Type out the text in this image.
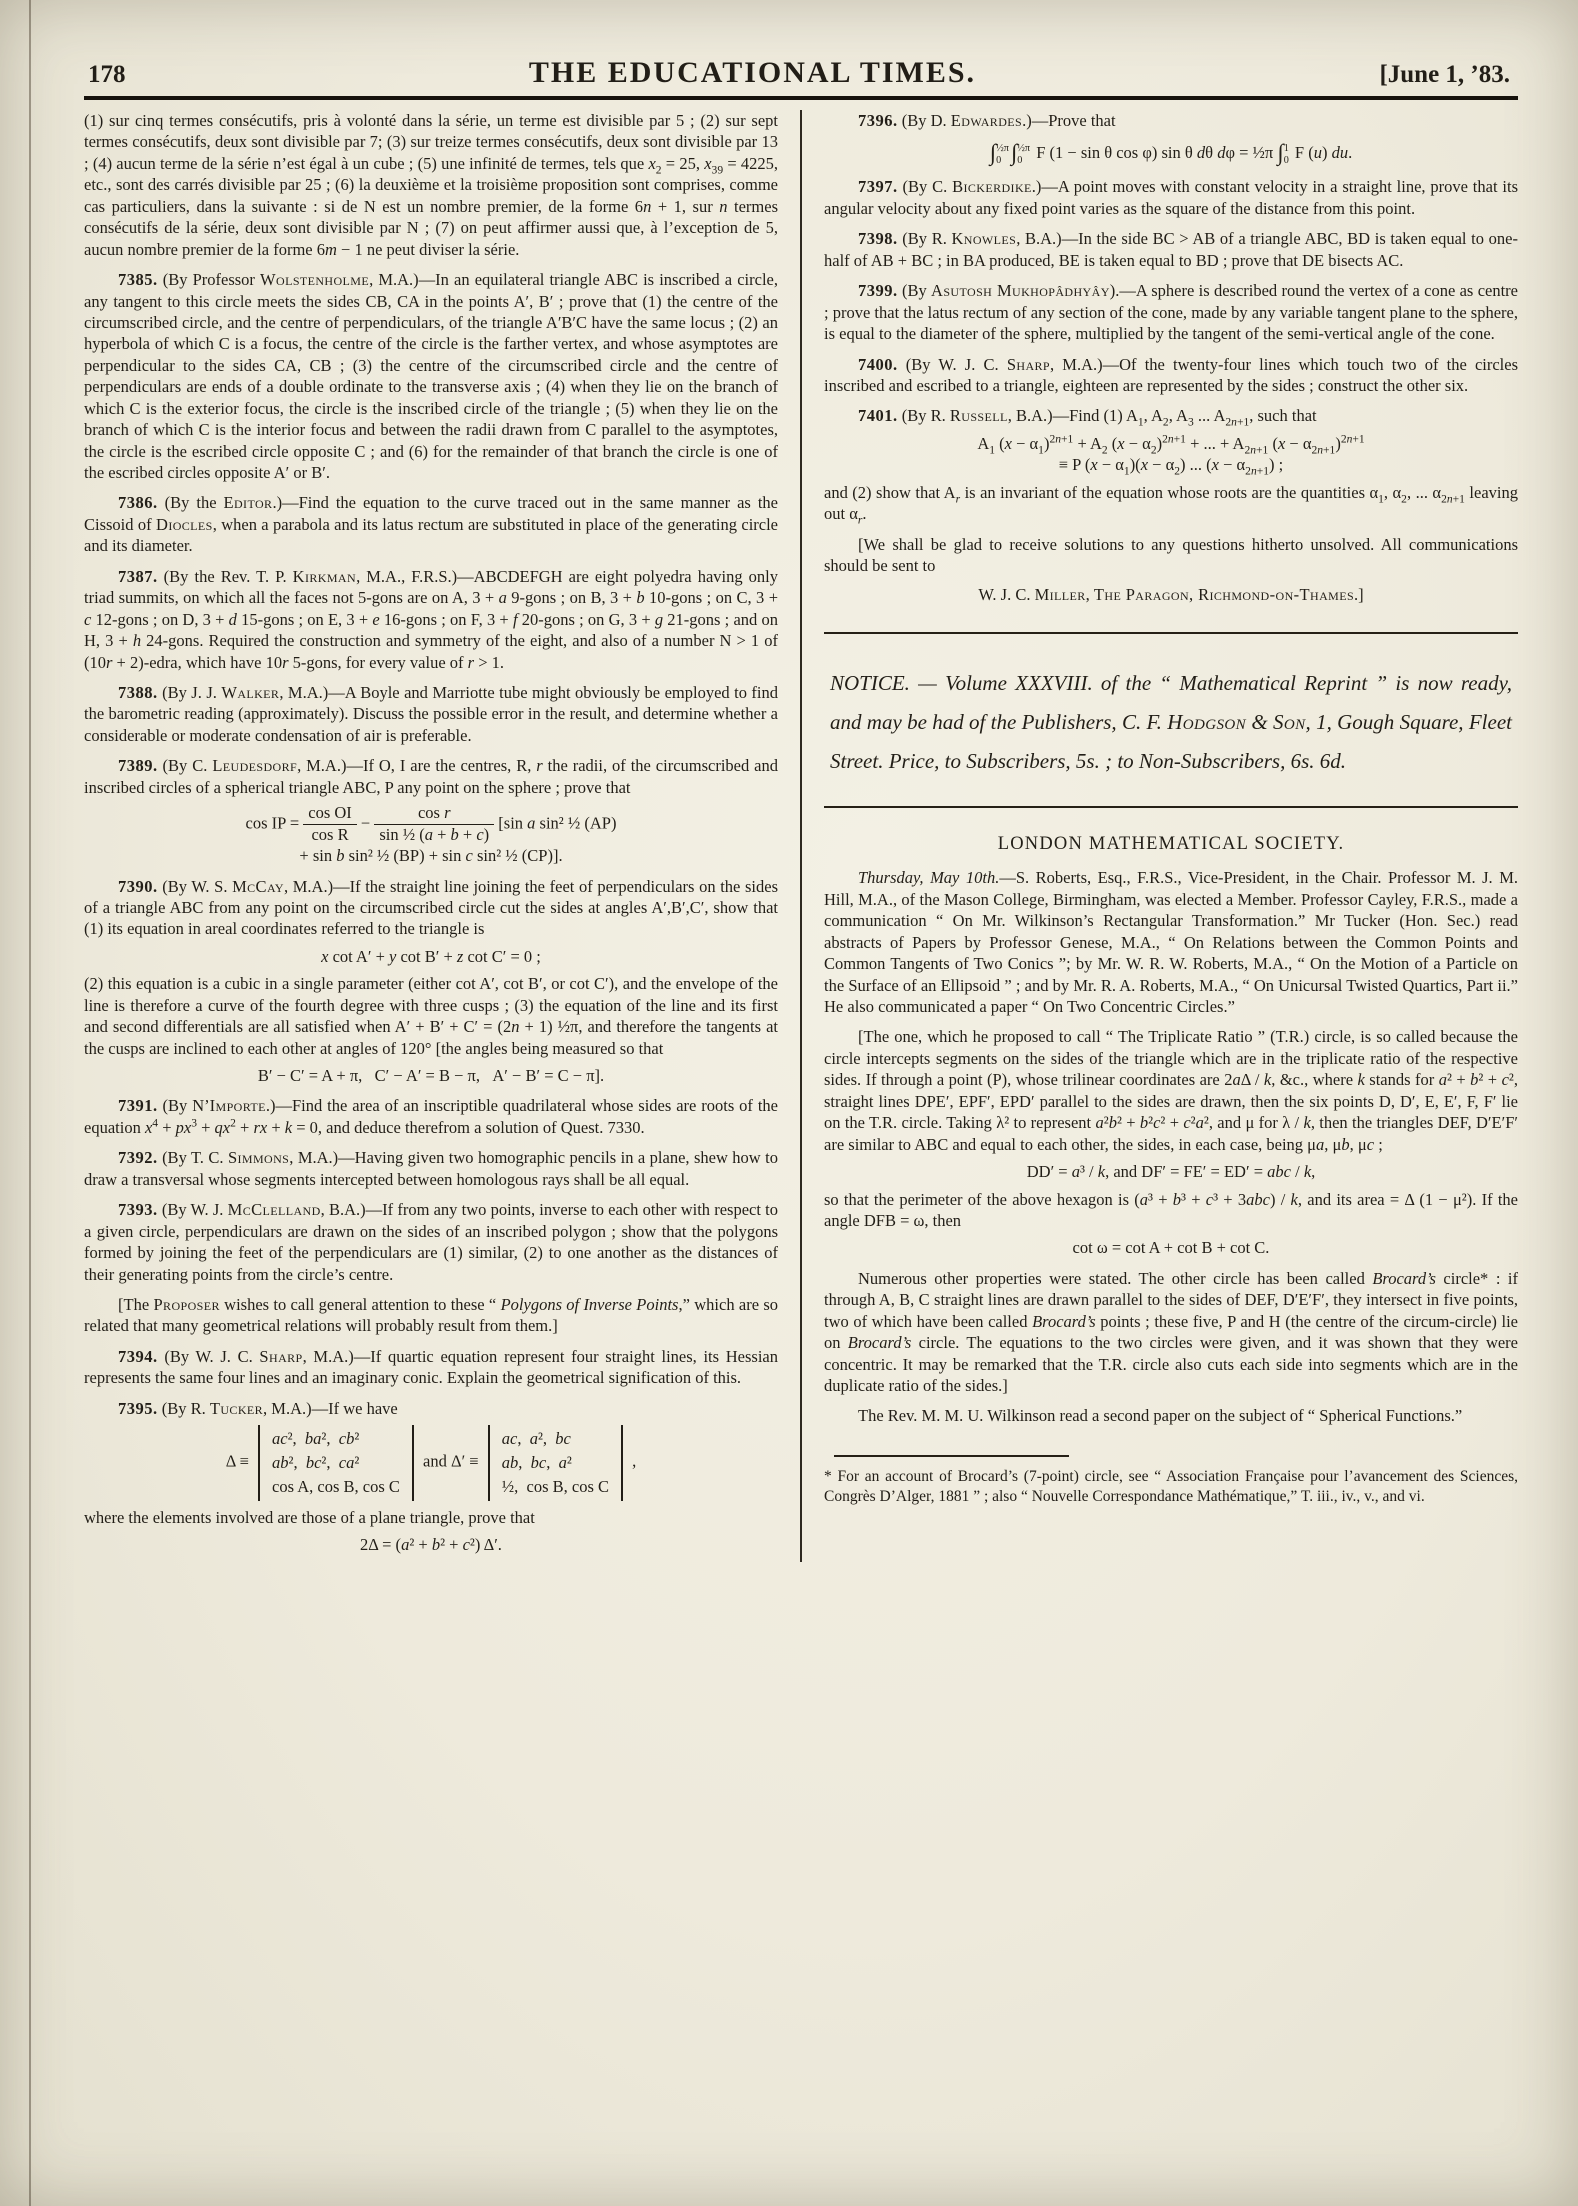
178	THE EDUCATIONAL TIMES.	[June 1, ’83.

(1) sur cinq termes consécutifs, pris à volonté dans la série, un terme est divisible par 5 ; (2) sur sept termes consécutifs, deux sont divisible par 7; (3) sur treize termes consécutifs, deux sont divisible par 13 ; (4) aucun terme de la série n’est égal à un cube ; (5) une infinité de termes, tels que $x_2 = 25$, $x_{39} = 4225$, etc., sont des carrés divisible par 25 ; (6) la deuxième et la troisième proposition sont comprises, comme cas particuliers, dans la suivante : si de N est un nombre premier, de la forme 6n + 1, sur n termes consécutifs de la série, deux sont divisible par N ; (7) on peut affirmer aussi que, à l’exception de 5, aucun nombre premier de la forme 6m − 1 ne peut diviser la série.

7385. (By Professor Wolstenholme, M.A.)—In an equilateral triangle ABC is inscribed a circle, any tangent to this circle meets the sides CB, CA in the points A′, B′ ; prove that (1) the centre of the circumscribed circle, and the centre of perpendiculars, of the triangle A′B′C have the same locus ; (2) an hyperbola of which C is a focus, the centre of the circle is the farther vertex, and whose asymptotes are perpendicular to the sides CA, CB ; (3) the centre of the circumscribed circle and the centre of perpendiculars are ends of a double ordinate to the transverse axis ; (4) when they lie on the branch of which C is the exterior focus, the circle is the inscribed circle of the triangle ; (5) when they lie on the branch of which C is the interior focus and between the radii drawn from C parallel to the asymptotes, the circle is the escribed circle opposite C ; and (6) for the remainder of that branch the circle is one of the escribed circles opposite A′ or B′.

7386. (By the Editor.)—Find the equation to the curve traced out in the same manner as the Cissoid of Diocles, when a parabola and its latus rectum are substituted in place of the generating circle and its diameter.

7387. (By the Rev. T. P. Kirkman, M.A., F.R.S.)—ABCDEFGH are eight polyedra having only triad summits, on which all the faces not 5-gons are on A, 3 + a 9-gons ; on B, 3 + b 10-gons ; on C, 3 + c 12-gons ; on D, 3 + d 15-gons ; on E, 3 + e 16-gons ; on F, 3 + f 20-gons ; on G, 3 + g 21-gons ; and on H, 3 + h 24-gons. Required the construction and symmetry of the eight, and also of a number N > 1 of (10r + 2)-edra, which have 10r 5-gons, for every value of r > 1.

7388. (By J. J. Walker, M.A.)—A Boyle and Marriotte tube might obviously be employed to find the barometric reading (approximately). Discuss the possible error in the result, and determine whether a considerable or moderate condensation of air is preferable.

7389. (By C. Leudesdorf, M.A.)—If O, I are the centres, R, r the radii, of the circumscribed and inscribed circles of a spherical triangle ABC, P any point on the sphere ; prove that

cos IP = $\frac{\text{cos OI}}{\text{cos R}} - \frac{\text{cos r}}{\text{sin ½ (a + b + c)}} [\sin$ a sin² ½ (AP)
+ sin b sin² ½ (BP) + sin c sin² ½ (CP)].

7390. (By W. S. McCay, M.A.)—If the straight line joining the feet of perpendiculars on the sides of a triangle ABC from any point on the circumscribed circle cut the sides at angles A′,B′,C′, show that (1) its equation in areal coordinates referred to the triangle is

x cot A′ + y cot B′ + z cot C′ = 0 ;

(2) this equation is a cubic in a single parameter (either cot A′, cot B′, or cot C′), and the envelope of the line is therefore a curve of the fourth degree with three cusps ; (3) the equation of the line and its first and second differentials are all satisfied when A′ + B′ + C′ = (2n + 1) ½π, and therefore the tangents at the cusps are inclined to each other at angles of 120° [the angles being measured so that

B′ − C′ = A + π,   C′ − A′ = B − π,   A′ − B′ = C − π].

7391. (By N’Importe.)—Find the area of an inscriptible quadrilateral whose sides are roots of the equation $x^4 + px^3 + qx^2$ + rx + k = 0, and deduce therefrom a solution of Quest. 7330.

7392. (By T. C. Simmons, M.A.)—Having given two homographic pencils in a plane, shew how to draw a transversal whose segments intercepted between homologous rays shall be all equal.

7393. (By W. J. McClelland, B.A.)—If from any two points, inverse to each other with respect to a given circle, perpendiculars are drawn on the sides of an inscribed polygon ; show that the polygons formed by joining the feet of the perpendiculars are (1) similar, (2) to one another as the distances of their generating points from the circle’s centre.

[The Proposer wishes to call general attention to these “ Polygons of Inverse Points,” which are so related that many geometrical relations will probably result from them.]

7394. (By W. J. C. Sharp, M.A.)—If quartic equation represent four straight lines, its Hessian represents the same four lines and an imaginary conic. Explain the geometrical signification of this.

7395. (By R. Tucker, M.A.)—If we have

Δ ≡
ac²,  ba²,  cb²
ab²,  bc²,  ca²
cos A, cos B, cos C
and Δ′ ≡
ac,  a²,  bc
ab,  bc,  a²
½,  cos B, cos C
,

where the elements involved are those of a plane triangle, prove that

2Δ = (a² + b² + c²) Δ′.

7396. (By D. Edwardes.)—Prove that

∫½π
0 ∫½π
0 F (1 − sin θ cos φ) sin θ dθ dφ = ½π ∫1
0 F (u) du.

7397. (By C. Bickerdike.)—A point moves with constant velocity in a straight line, prove that its angular velocity about any fixed point varies as the square of the distance from this point.

7398. (By R. Knowles, B.A.)—In the side BC > AB of a triangle ABC, BD is taken equal to one-half of AB + BC ; in BA produced, BE is taken equal to BD ; prove that DE bisects AC.

7399. (By Asutosh Mukhopâdhyây).—A sphere is described round the vertex of a cone as centre ; prove that the latus rectum of any section of the cone, made by any variable tangent plane to the sphere, is equal to the diameter of the sphere, multiplied by the tangent of the semi-vertical angle of the cone.

7400. (By W. J. C. Sharp, M.A.)—Of the twenty-four lines which touch two of the circles inscribed and escribed to a triangle, eighteen are represented by the sides ; construct the other six.

7401. (By R. Russell, B.A.)—Find (1) $A_1$, $A_2$, $A_3$ ... $A_{2n+1}$, such that

$A_1$ $(x - \alpha_1)^{2n+1} + A_2$ $(x - \alpha_2)^{2n+1}$ + ... + $A_{2n+1}$ $(x - \alpha_{2n+1})^{2n+1}$
≡ P $(x - \alpha_1)(x - \alpha_2)$ ... $(x - \alpha_{2n+1})$ ;

and (2) show that $A_r$ is an invariant of the equation whose roots are the quantities $\alpha_1$, $\alpha_2$, ... $\alpha_{2n+1}$ leaving out $\alpha_r$.

[We shall be glad to receive solutions to any questions hitherto unsolved. All communications should be sent to

W. J. C. Miller, The Paragon, Richmond-on-Thames.]

NOTICE. — Volume XXXVIII. of the “ Mathematical Reprint ” is now ready, and may be had of the Publishers, C. F. Hodgson & Son, 1, Gough Square, Fleet Street. Price, to Subscribers, 5s. ; to Non-Subscribers, 6s. 6d.
LONDON MATHEMATICAL SOCIETY.

Thursday, May 10th.—S. Roberts, Esq., F.R.S., Vice-President, in the Chair. Professor M. J. M. Hill, M.A., of the Mason College, Birmingham, was elected a Member. Professor Cayley, F.R.S., made a communication “ On Mr. Wilkinson’s Rectangular Transformation.” Mr Tucker (Hon. Sec.) read abstracts of Papers by Professor Genese, M.A., “ On Relations between the Common Points and Common Tangents of Two Conics ”; by Mr. W. R. W. Roberts, M.A., “ On the Motion of a Particle on the Surface of an Ellipsoid ” ; and by Mr. R. A. Roberts, M.A., “ On Unicursal Twisted Quartics, Part ii.” He also communicated a paper “ On Two Concentric Circles.”

[The one, which he proposed to call “ The Triplicate Ratio ” (T.R.) circle, is so called because the circle intercepts segments on the sides of the triangle which are in the triplicate ratio of the respective sides. If through a point (P), whose trilinear coordinates are 2aΔ / k, &c., where k stands for a² + b² + c², straight lines DPE′, EPF′, EPD′ parallel to the sides are drawn, then the six points D, D′, E, E′, F, F′ lie on the T.R. circle. Taking λ² to represent a²b² + b²c² + c²a², and μ for λ / k, then the triangles DEF, D′E′F′ are similar to ABC and equal to each other, the sides, in each case, being μa, μb, μc ;

DD′ = a³ / k, and DF′ = FE′ = ED′ = abc / k,

so that the perimeter of the above hexagon is (a³ + b³ + c³ + 3abc) / k, and its area = Δ (1 − μ²). If the angle DFB = ω, then

cot ω = cot A + cot B + cot C.

Numerous other properties were stated. The other circle has been called Brocard’s circle* : if through A, B, C straight lines are drawn parallel to the sides of DEF, D′E′F′, they intersect in five points, two of which have been called Brocard’s points ; these five, P and H (the centre of the circum-circle) lie on Brocard’s circle. The equations to the two circles were given, and it was shown that they were concentric. It may be remarked that the T.R. circle also cuts each side into segments which are in the duplicate ratio of the sides.]

The Rev. M. M. U. Wilkinson read a second paper on the subject of “ Spherical Functions.”

* For an account of Brocard’s (7-point) circle, see “ Association Française pour l’avancement des Sciences, Congrès D’Alger, 1881 ” ; also “ Nouvelle Correspondance Mathématique,” T. iii., iv., v., and vi.
